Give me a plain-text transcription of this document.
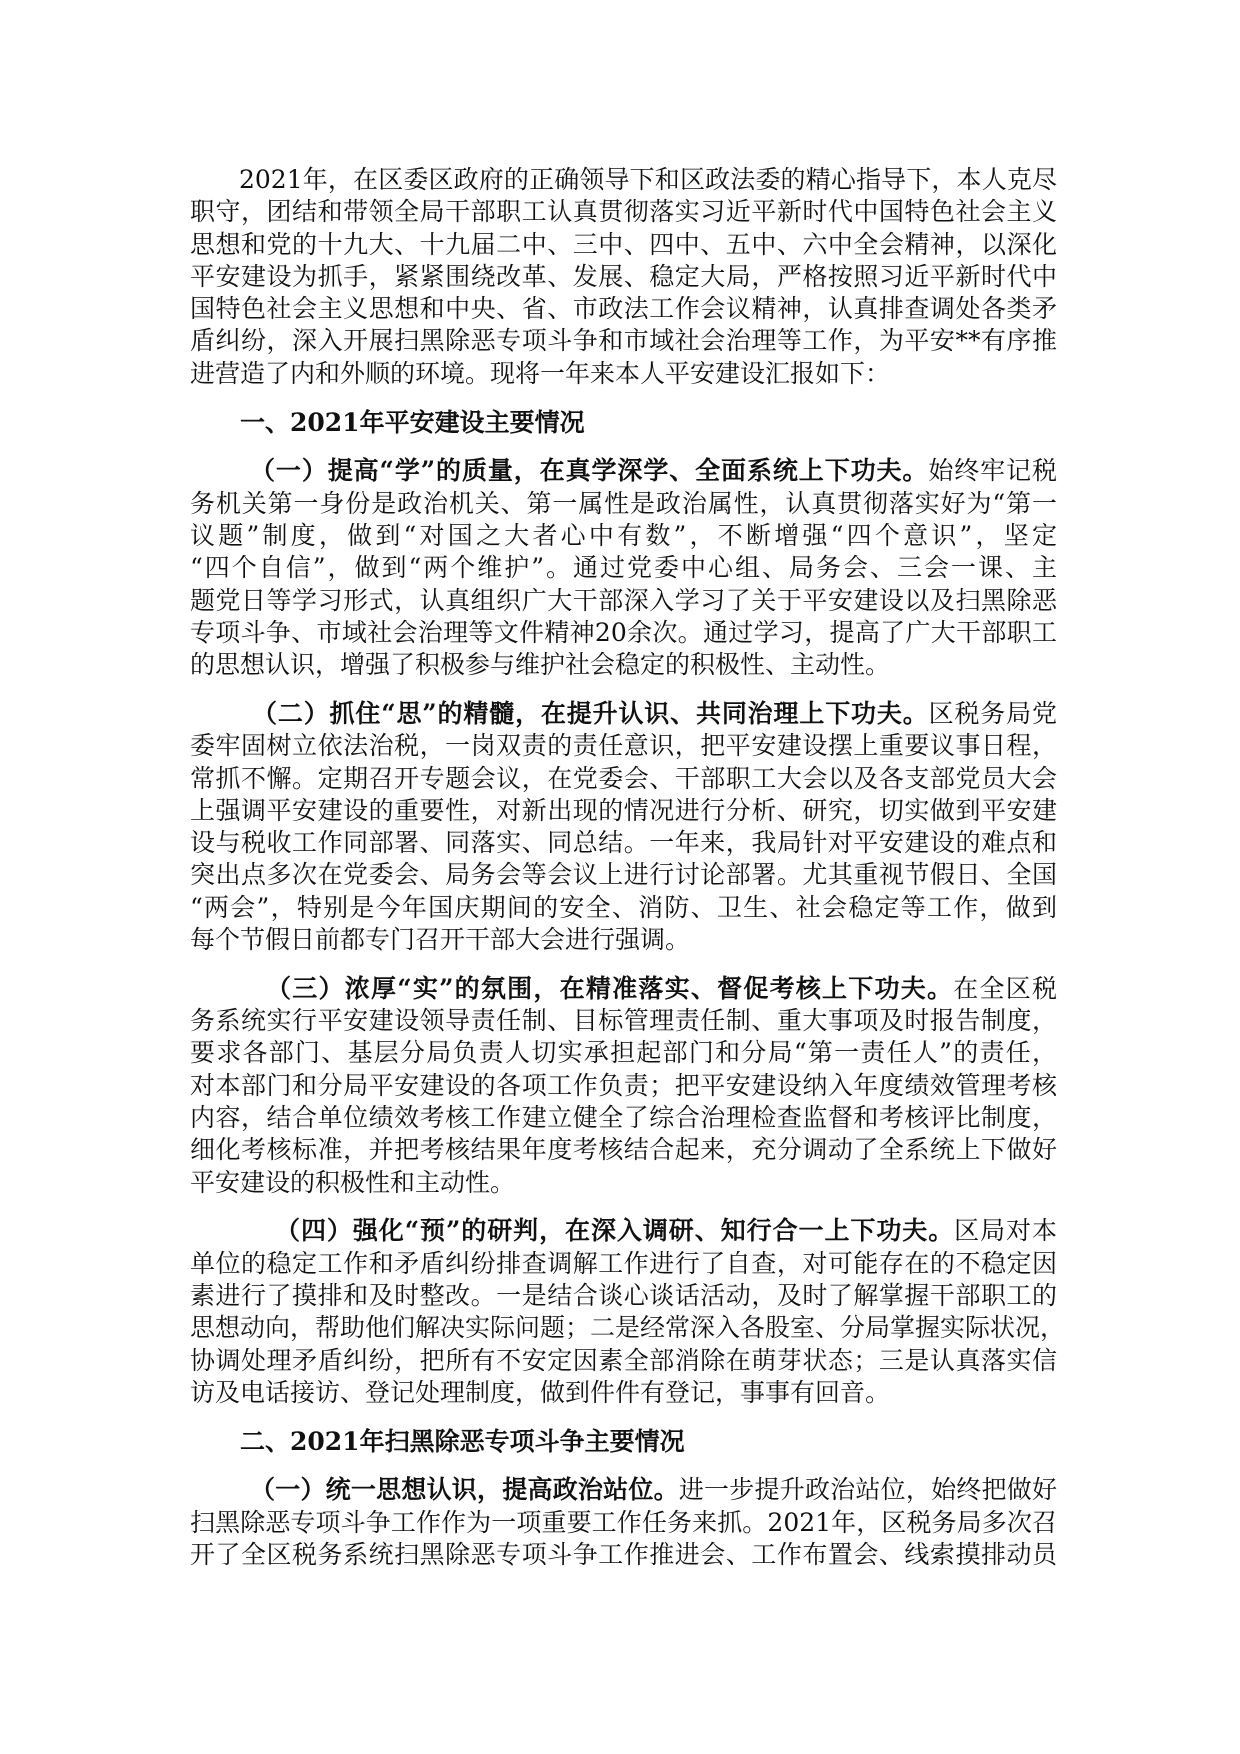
2021年，在区委区政府的正确领导下和区政法委的精心指导下，本人克尽
职守，团结和带领全局干部职工认真贯彻落实习近平新时代中国特色社会主义
思想和党的十九大、十九届二中、三中、四中、五中、六中全会精神，以深化
平安建设为抓手，紧紧围绕改革、发展、稳定大局，严格按照习近平新时代中
国特色社会主义思想和中央、省、市政法工作会议精神，认真排查调处各类矛
盾纠纷，深入开展扫黑除恶专项斗争和市域社会治理等工作，为平安**有序推
进营造了内和外顺的环境。现将一年来本人平安建设汇报如下：
一、2021年平安建设主要情况
（一）提高“学”的质量，在真学深学、全面系统上下功夫。始终牢记税
务机关第一身份是政治机关、第一属性是政治属性，认真贯彻落实好为“第一
议题”制度，做到“对国之大者心中有数”，不断增强“四个意识”，坚定
“四个自信”，做到“两个维护”。通过党委中心组、局务会、三会一课、主
题党日等学习形式，认真组织广大干部深入学习了关于平安建设以及扫黑除恶
专项斗争、市域社会治理等文件精神20余次。通过学习，提高了广大干部职工
的思想认识，增强了积极参与维护社会稳定的积极性、主动性。
（二）抓住“思”的精髓，在提升认识、共同治理上下功夫。区税务局党
委牢固树立依法治税，一岗双责的责任意识，把平安建设摆上重要议事日程，
常抓不懈。定期召开专题会议，在党委会、干部职工大会以及各支部党员大会
上强调平安建设的重要性，对新出现的情况进行分析、研究，切实做到平安建
设与税收工作同部署、同落实、同总结。一年来，我局针对平安建设的难点和
突出点多次在党委会、局务会等会议上进行讨论部署。尤其重视节假日、全国
“两会”，特别是今年国庆期间的安全、消防、卫生、社会稳定等工作，做到
每个节假日前都专门召开干部大会进行强调。
（三）浓厚“实”的氛围，在精准落实、督促考核上下功夫。在全区税
务系统实行平安建设领导责任制、目标管理责任制、重大事项及时报告制度，
要求各部门、基层分局负责人切实承担起部门和分局“第一责任人”的责任，
对本部门和分局平安建设的各项工作负责；把平安建设纳入年度绩效管理考核
内容，结合单位绩效考核工作建立健全了综合治理检查监督和考核评比制度，
细化考核标准，并把考核结果年度考核结合起来，充分调动了全系统上下做好
平安建设的积极性和主动性。
（四）强化“预”的研判，在深入调研、知行合一上下功夫。区局对本
单位的稳定工作和矛盾纠纷排查调解工作进行了自查，对可能存在的不稳定因
素进行了摸排和及时整改。一是结合谈心谈话活动，及时了解掌握干部职工的
思想动向，帮助他们解决实际问题；二是经常深入各股室、分局掌握实际状况，
协调处理矛盾纠纷，把所有不安定因素全部消除在萌芽状态；三是认真落实信
访及电话接访、登记处理制度，做到件件有登记，事事有回音。
二、2021年扫黑除恶专项斗争主要情况
（一）统一思想认识，提高政治站位。进一步提升政治站位，始终把做好
扫黑除恶专项斗争工作作为一项重要工作任务来抓。2021年，区税务局多次召
开了全区税务系统扫黑除恶专项斗争工作推进会、工作布置会、线索摸排动员
